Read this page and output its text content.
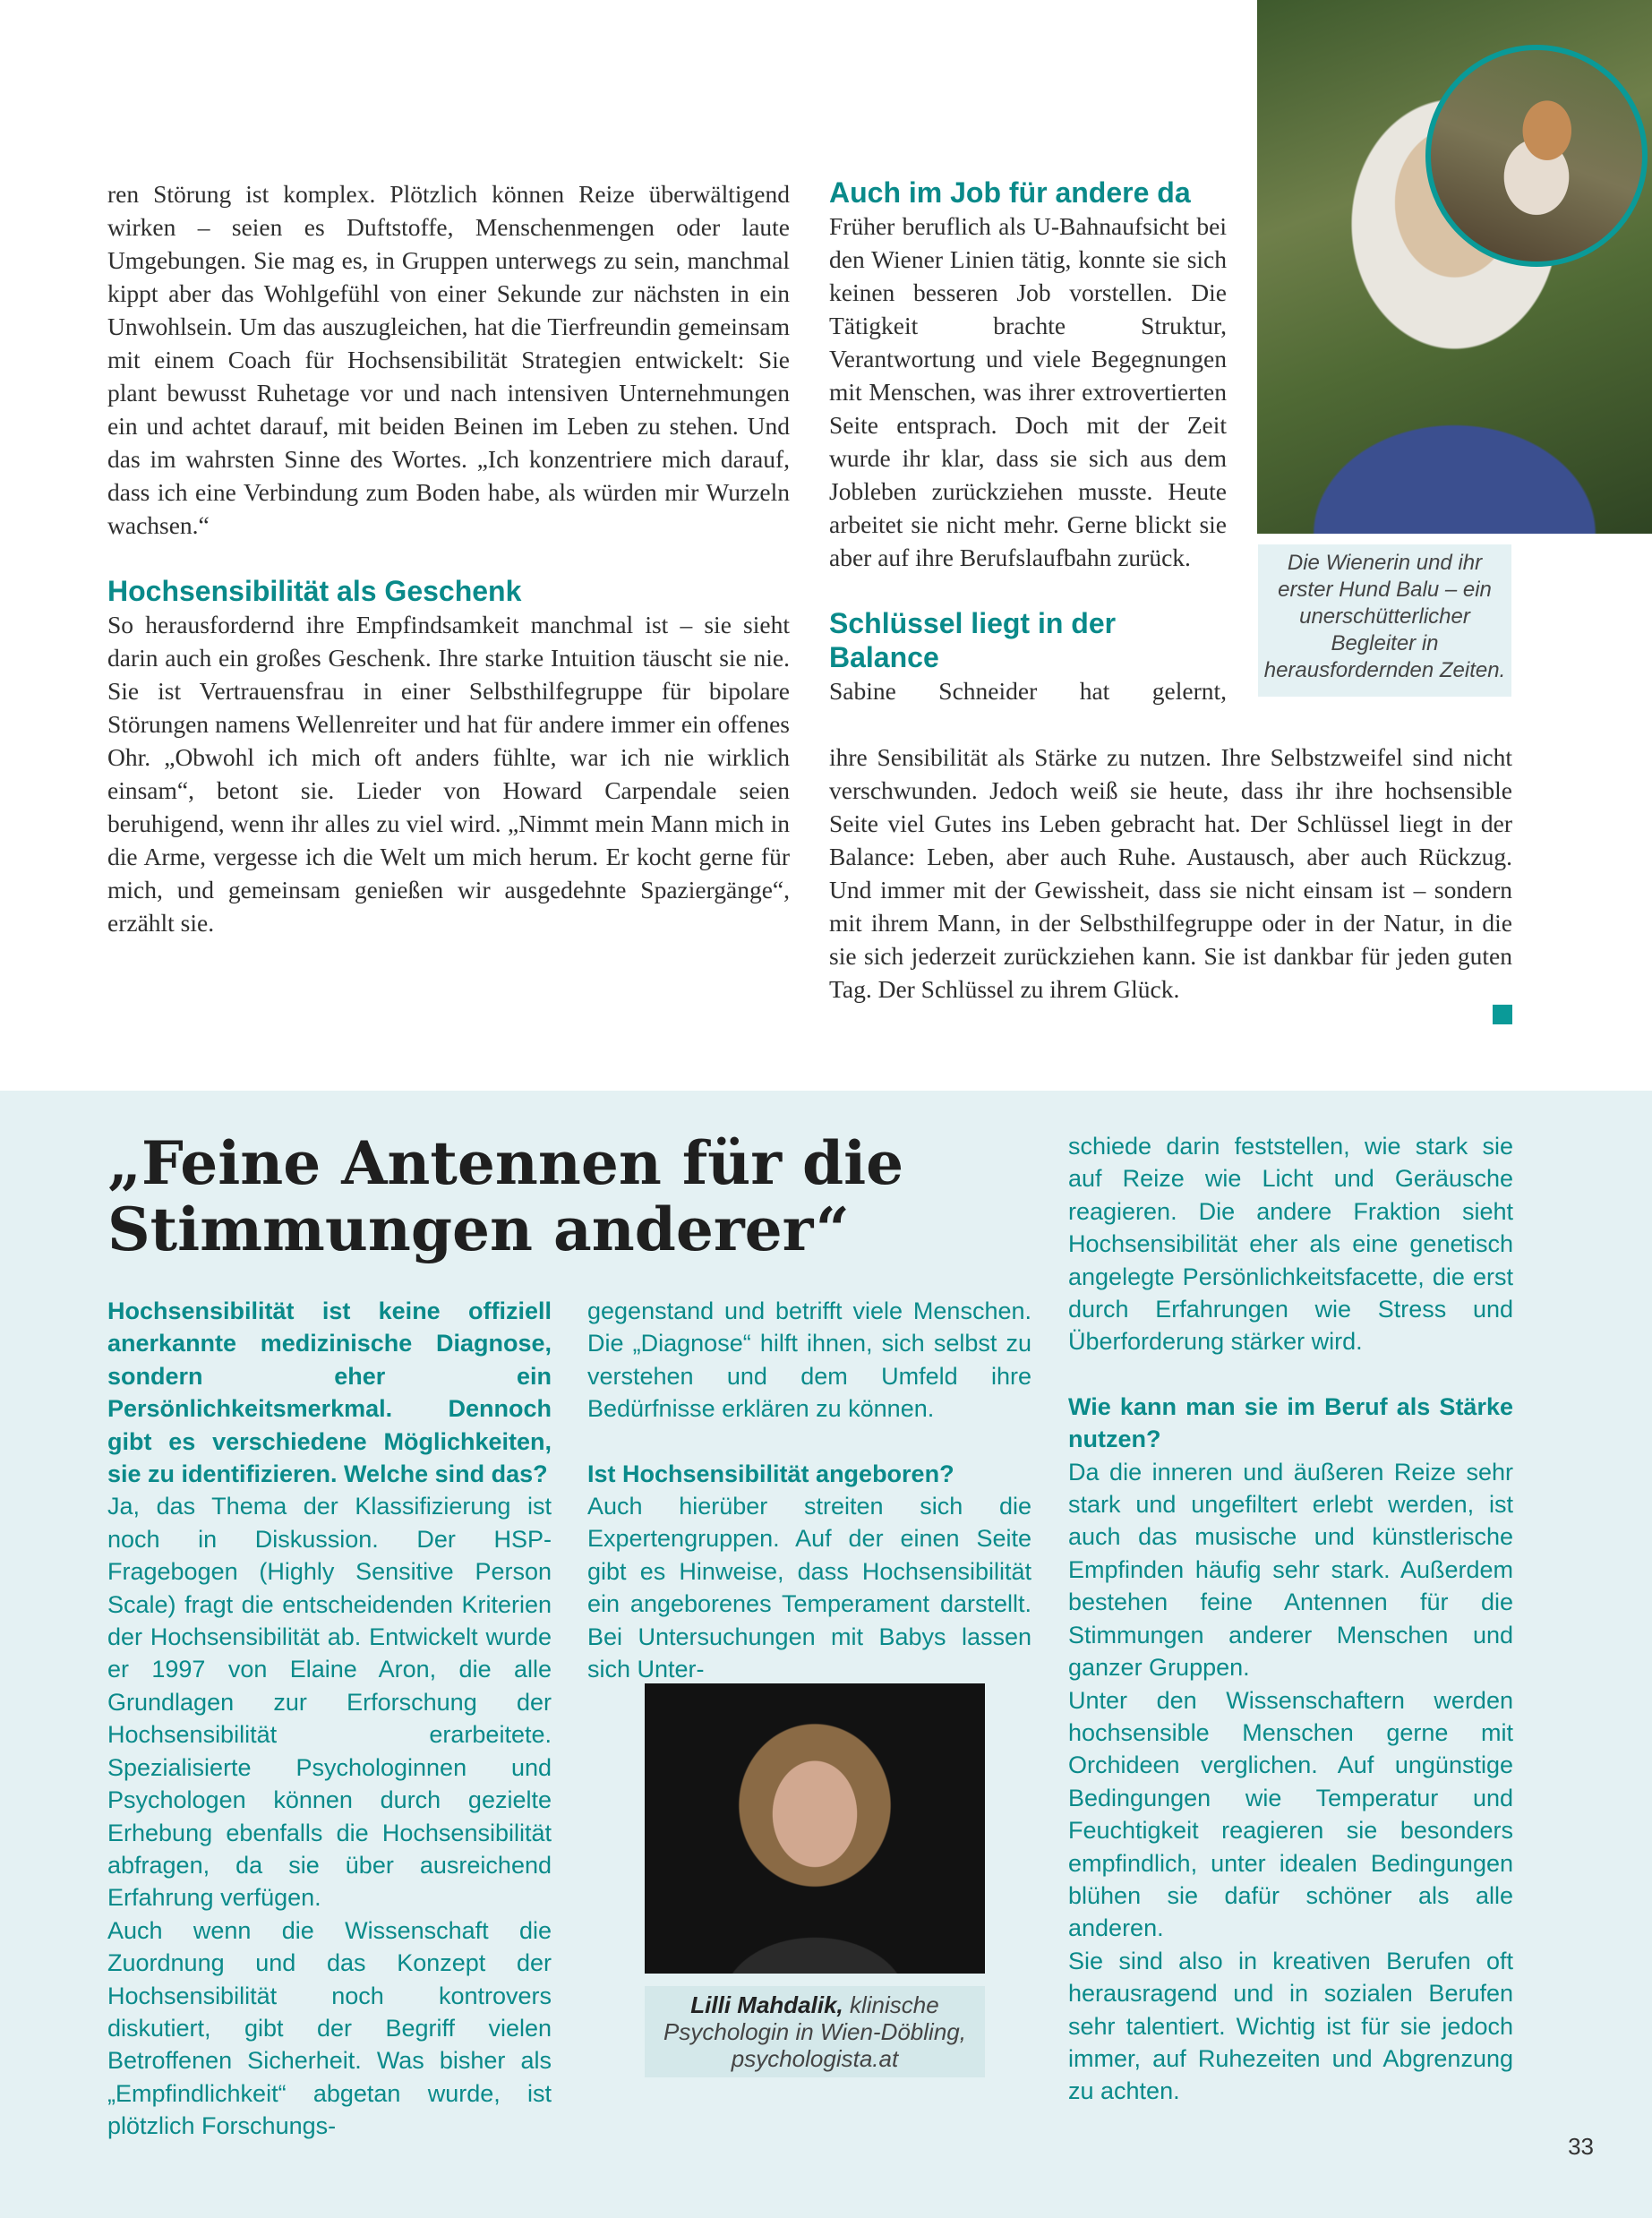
ren Störung ist komplex. Plötzlich können Reize überwältigend wirken – seien es Duftstoffe, Menschenmengen oder laute Umgebungen. Sie mag es, in Gruppen unterwegs zu sein, manchmal kippt aber das Wohlgefühl von einer Sekunde zur nächsten in ein Unwohlsein. Um das auszugleichen, hat die Tierfreundin gemeinsam mit einem Coach für Hochsensibilität Strategien entwickelt: Sie plant bewusst Ruhetage vor und nach intensiven Unternehmungen ein und achtet darauf, mit beiden Beinen im Leben zu stehen. Und das im wahrsten Sinne des Wortes. „Ich konzentriere mich darauf, dass ich eine Verbindung zum Boden habe, als würden mir Wurzeln wachsen.“

Hochsensibilität als Geschenk

So herausfordernd ihre Empfindsamkeit manchmal ist – sie sieht darin auch ein großes Geschenk. Ihre starke Intuition täuscht sie nie. Sie ist Vertrauensfrau in einer Selbsthilfegruppe für bipolare Störungen namens Wellenreiter und hat für andere immer ein offenes Ohr. „Obwohl ich mich oft anders fühlte, war ich nie wirklich einsam“, betont sie. Lieder von Howard Carpendale seien beruhigend, wenn ihr alles zu viel wird. „Nimmt mein Mann mich in die Arme, vergesse ich die Welt um mich herum. Er kocht gerne für mich, und gemeinsam genießen wir ausgedehnte Spaziergänge“, erzählt sie.

Auch im Job für andere da

Früher beruflich als U-Bahnaufsicht bei den Wiener Linien tätig, konnte sie sich keinen besseren Job vorstellen. Die Tätigkeit brachte Struktur, Verantwortung und viele Begegnungen mit Menschen, was ihrer extrovertierten Seite entsprach. Doch mit der Zeit wurde ihr klar, dass sie sich aus dem Jobleben zurückziehen musste. Heute arbeitet sie nicht mehr. Gerne blickt sie aber auf ihre Berufslaufbahn zurück.

Schlüssel liegt in der Balance

Sabine Schneider hat gelernt,

ihre Sensibilität als Stärke zu nutzen. Ihre Selbstzweifel sind nicht verschwunden. Jedoch weiß sie heute, dass ihr ihre hochsensible Seite viel Gutes ins Leben gebracht hat. Der Schlüssel liegt in der Balance: Leben, aber auch Ruhe. Austausch, aber auch Rückzug. Und immer mit der Gewissheit, dass sie nicht einsam ist – sondern mit ihrem Mann, in der Selbsthilfegruppe oder in der Natur, in die sie sich jederzeit zurückziehen kann. Sie ist dankbar für jeden guten Tag. Der Schlüssel zu ihrem Glück.

Die Wienerin und ihr erster Hund Balu – ein unerschütterlicher Begleiter in herausfordernden Zeiten.
„Feine Antennen für die Stimmungen anderer“

Hochsensibilität ist keine offiziell anerkannte medizinische Diagnose, sondern eher ein Persönlichkeitsmerkmal. Dennoch gibt es verschiedene Möglichkeiten, sie zu identifizieren. Welche sind das?

Ja, das Thema der Klassifizierung ist noch in Diskussion. Der HSP-Fragebogen (Highly Sensitive Person Scale) fragt die entscheidenden Kriterien der Hochsensibilität ab. Entwickelt wurde er 1997 von Elaine Aron, die alle Grundlagen zur Erforschung der Hochsensibilität erarbeitete. Spezialisierte Psychologinnen und Psychologen können durch gezielte Erhebung ebenfalls die Hochsensibilität abfragen, da sie über ausreichend Erfahrung verfügen.

Auch wenn die Wissenschaft die Zuordnung und das Konzept der Hochsensibilität noch kontrovers diskutiert, gibt der Begriff vielen Betroffenen Sicherheit. Was bisher als „Empfindlichkeit“ abgetan wurde, ist plötzlich Forschungs-

gegenstand und betrifft viele Menschen. Die „Diagnose“ hilft ihnen, sich selbst zu verstehen und dem Umfeld ihre Bedürfnisse erklären zu können.

Ist Hochsensibilität angeboren?

Auch hierüber streiten sich die Expertengruppen. Auf der einen Seite gibt es Hinweise, dass Hochsensibilität ein angeborenes Temperament darstellt. Bei Untersuchungen mit Babys lassen sich Unter-

Lilli Mahdalik, klinische Psychologin in Wien-Döbling, psychologista.at

schiede darin feststellen, wie stark sie auf Reize wie Licht und Geräusche reagieren. Die andere Fraktion sieht Hochsensibilität eher als eine genetisch angelegte Persönlichkeitsfacette, die erst durch Erfahrungen wie Stress und Überforderung stärker wird.

Wie kann man sie im Beruf als Stärke nutzen?

Da die inneren und äußeren Reize sehr stark und ungefiltert erlebt werden, ist auch das musische und künstlerische Empfinden häufig sehr stark. Außerdem bestehen feine Antennen für die Stimmungen anderer Menschen und ganzer Gruppen.

Unter den Wissenschaftern werden hochsensible Menschen gerne mit Orchideen verglichen. Auf ungünstige Bedingungen wie Temperatur und Feuchtigkeit reagieren sie besonders empfindlich, unter idealen Bedingungen blühen sie dafür schöner als alle anderen.

Sie sind also in kreativen Berufen oft herausragend und in sozialen Berufen sehr talentiert. Wichtig ist für sie jedoch immer, auf Ruhezeiten und Abgrenzung zu achten.

33
